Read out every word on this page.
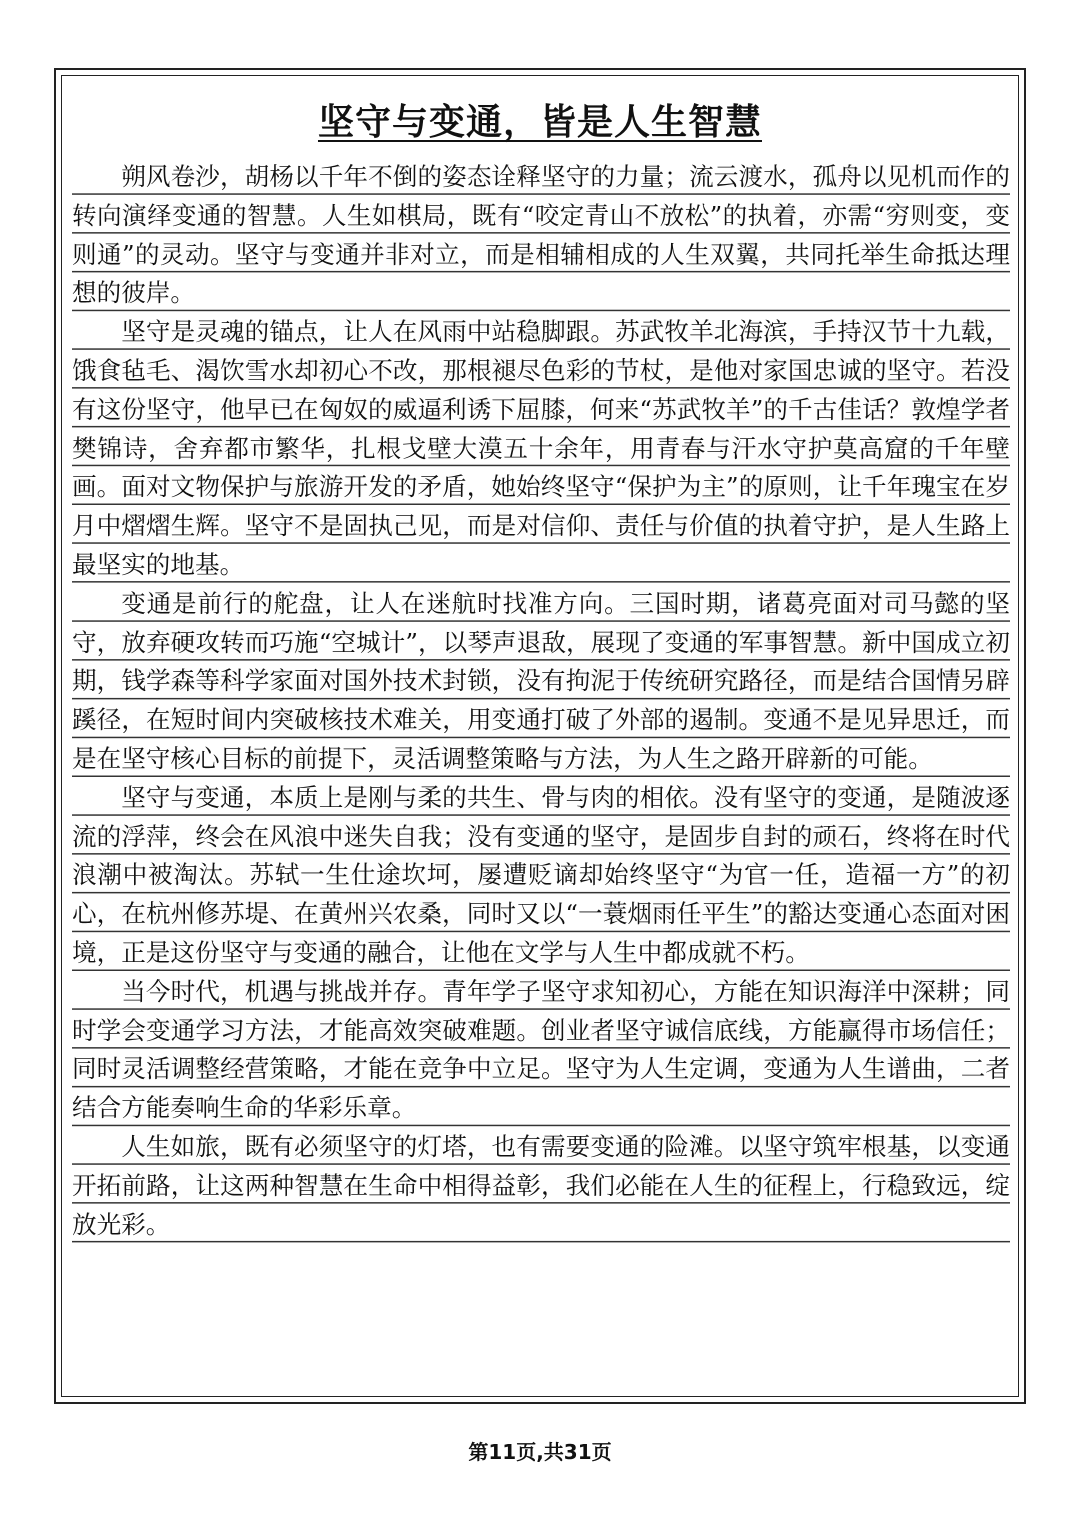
坚守与变通，皆是人生智慧

朔风卷沙，胡杨以千年不倒的姿态诠释坚守的力量；流云渡水，孤舟以见机而作的转向演绎变通的智慧。人生如棋局，既有“咬定青山不放松”的执着，亦需“穷则变，变则通”的灵动。坚守与变通并非对立，而是相辅相成的人生双翼，共同托举生命抵达理想的彼岸。

坚守是灵魂的锚点，让人在风雨中站稳脚跟。苏武牧羊北海滨，手持汉节十九载，饿食毡毛、渴饮雪水却初心不改，那根褪尽色彩的节杖，是他对家国忠诚的坚守。若没有这份坚守，他早已在匈奴的威逼利诱下屈膝，何来“苏武牧羊”的千古佳话？敦煌学者樊锦诗，舍弃都市繁华，扎根戈壁大漠五十余年，用青春与汗水守护莫高窟的千年壁画。面对文物保护与旅游开发的矛盾，她始终坚守“保护为主”的原则，让千年瑰宝在岁月中熠熠生辉。坚守不是固执己见，而是对信仰、责任与价值的执着守护，是人生路上最坚实的地基。

变通是前行的舵盘，让人在迷航时找准方向。三国时期，诸葛亮面对司马懿的坚守，放弃硬攻转而巧施“空城计”，以琴声退敌，展现了变通的军事智慧。新中国成立初期，钱学森等科学家面对国外技术封锁，没有拘泥于传统研究路径，而是结合国情另辟蹊径，在短时间内突破核技术难关，用变通打破了外部的遏制。变通不是见异思迁，而是在坚守核心目标的前提下，灵活调整策略与方法，为人生之路开辟新的可能。

坚守与变通，本质上是刚与柔的共生、骨与肉的相依。没有坚守的变通，是随波逐流的浮萍，终会在风浪中迷失自我；没有变通的坚守，是固步自封的顽石，终将在时代浪潮中被淘汰。苏轼一生仕途坎坷，屡遭贬谪却始终坚守“为官一任，造福一方”的初心，在杭州修苏堤、在黄州兴农桑，同时又以“一蓑烟雨任平生”的豁达变通心态面对困境，正是这份坚守与变通的融合，让他在文学与人生中都成就不朽。

当今时代，机遇与挑战并存。青年学子坚守求知初心，方能在知识海洋中深耕；同时学会变通学习方法，才能高效突破难题。创业者坚守诚信底线，方能赢得市场信任；同时灵活调整经营策略，才能在竞争中立足。坚守为人生定调，变通为人生谱曲，二者结合方能奏响生命的华彩乐章。

人生如旅，既有必须坚守的灯塔，也有需要变通的险滩。以坚守筑牢根基，以变通开拓前路，让这两种智慧在生命中相得益彰，我们必能在人生的征程上，行稳致远，绽放光彩。

第11页,共31页
